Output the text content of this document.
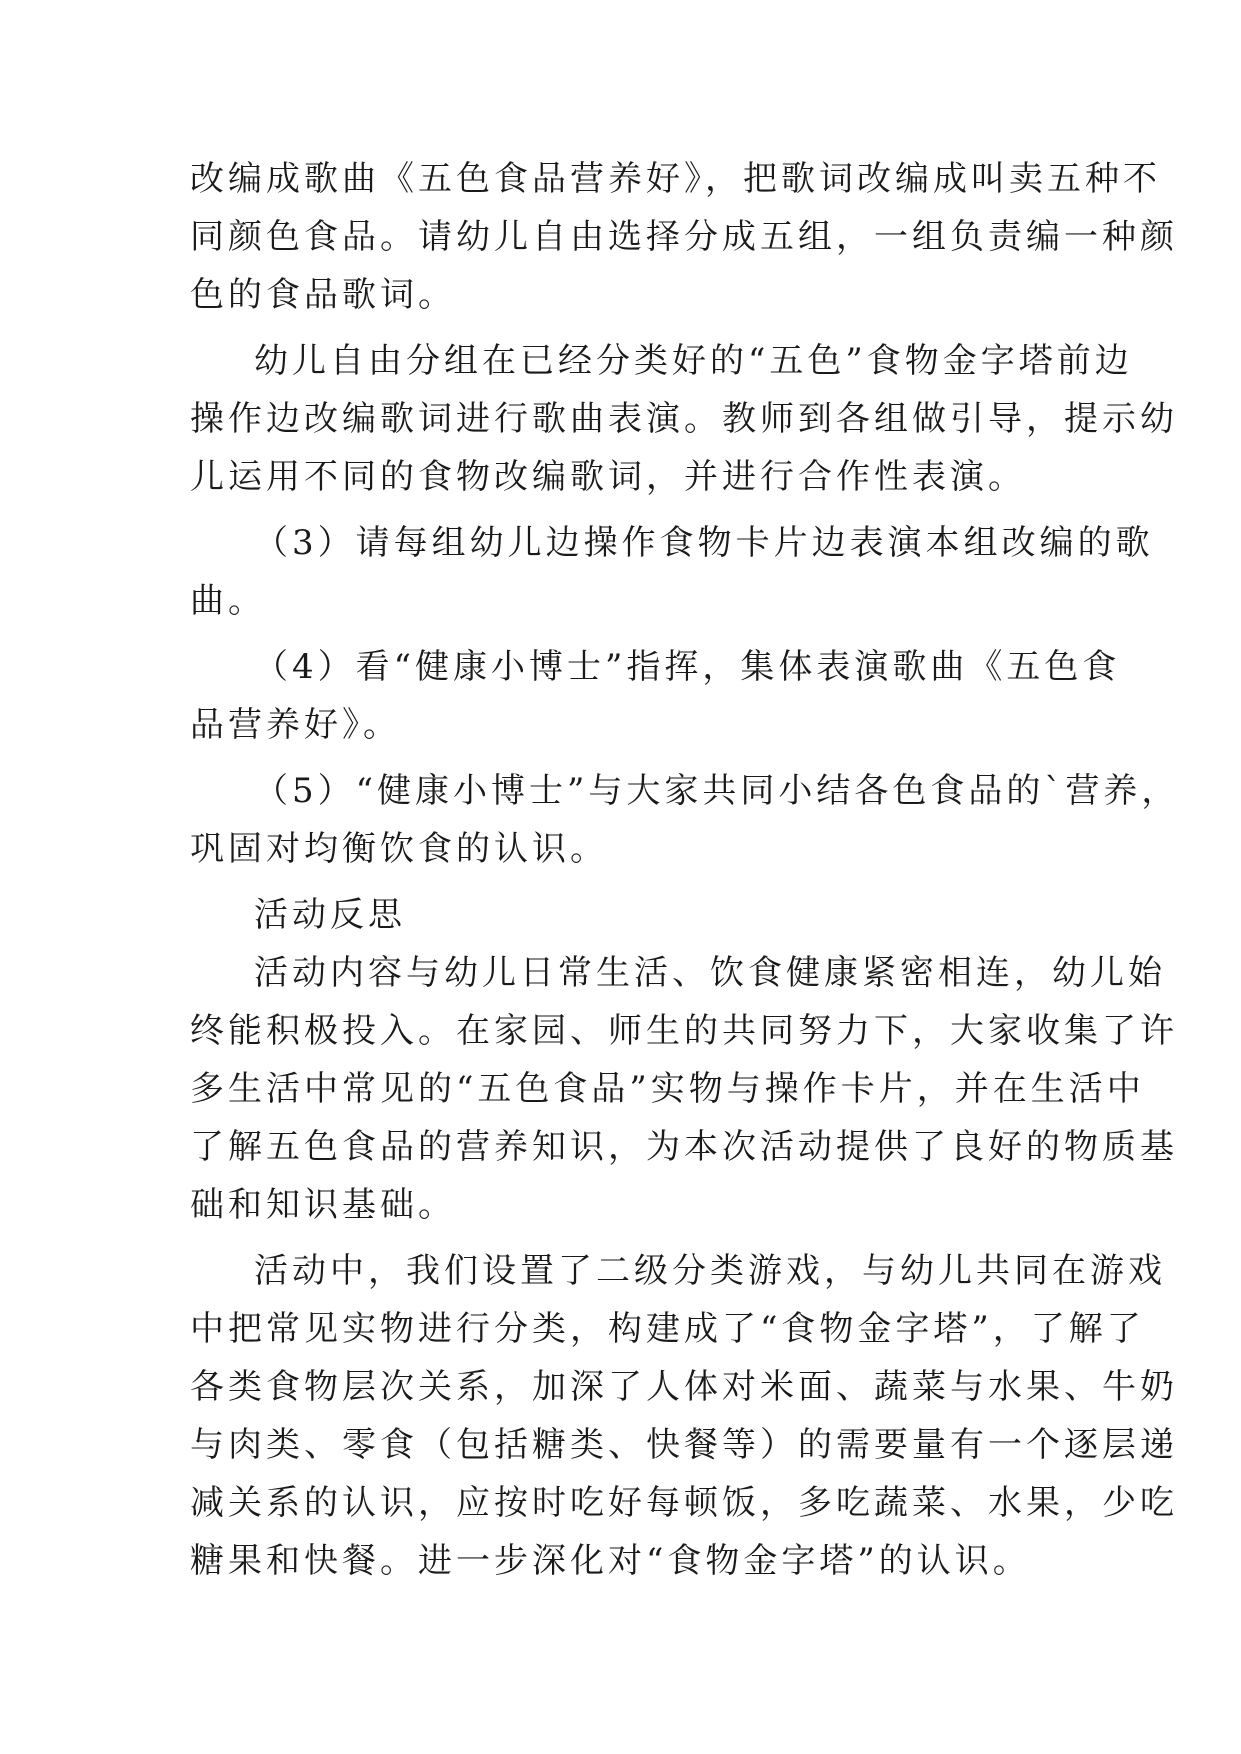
改编成歌曲《五色食品营养好》，把歌词改编成叫卖五种不
同颜色食品。请幼儿自由选择分成五组，一组负责编一种颜
色的食品歌词。
幼儿自由分组在已经分类好的“五色”食物金字塔前边
操作边改编歌词进行歌曲表演。教师到各组做引导，提示幼
儿运用不同的食物改编歌词，并进行合作性表演。
（3）请每组幼儿边操作食物卡片边表演本组改编的歌
曲。
（4）看“健康小博士”指挥，集体表演歌曲《五色食
品营养好》。
（5）“健康小博士”与大家共同小结各色食品的`营养，
巩固对均衡饮食的认识。
活动反思
活动内容与幼儿日常生活、饮食健康紧密相连，幼儿始
终能积极投入。在家园、师生的共同努力下，大家收集了许
多生活中常见的“五色食品”实物与操作卡片，并在生活中
了解五色食品的营养知识，为本次活动提供了良好的物质基
础和知识基础。
活动中，我们设置了二级分类游戏，与幼儿共同在游戏
中把常见实物进行分类，构建成了“食物金字塔”，了解了
各类食物层次关系，加深了人体对米面、蔬菜与水果、牛奶
与肉类、零食（包括糖类、快餐等）的需要量有一个逐层递
减关系的认识，应按时吃好每顿饭，多吃蔬菜、水果，少吃
糖果和快餐。进一步深化对“食物金字塔”的认识。
